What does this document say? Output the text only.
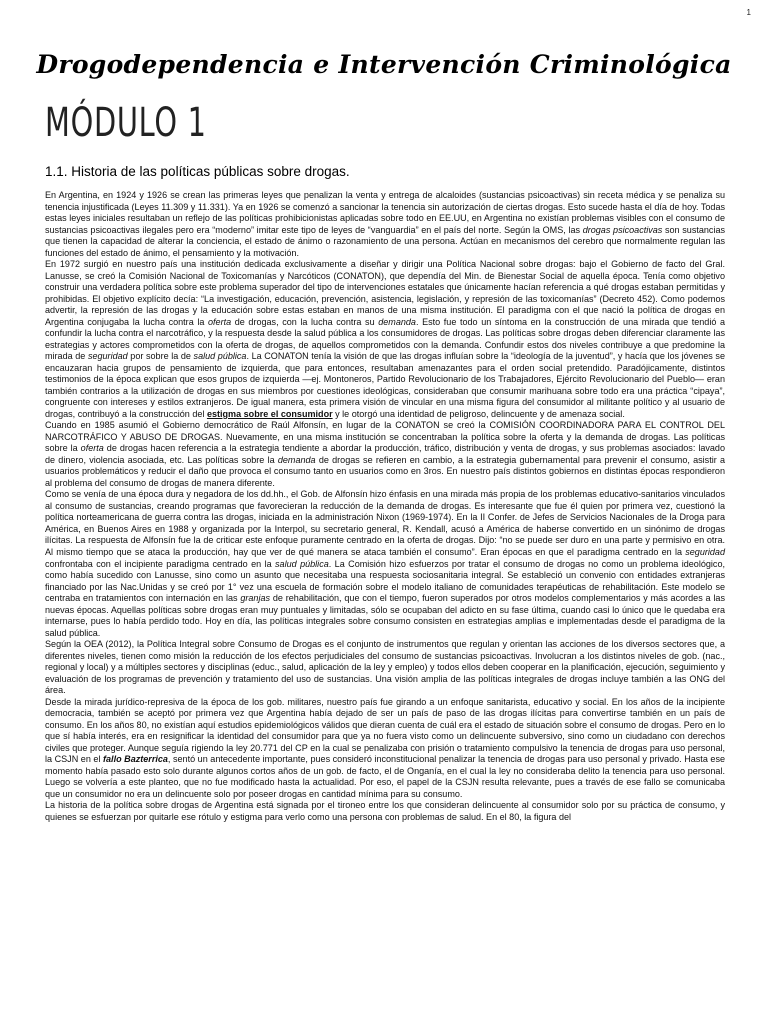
1
Drogodependencia e Intervención Criminológica
MÓDULO 1
1.1. Historia de las políticas públicas sobre drogas.

En Argentina, en 1924 y 1926 se crean las primeras leyes que penalizan la venta y entrega de alcaloides (sustancias psicoactivas) sin receta médica y se penaliza su tenencia injustificada (Leyes 11.309 y 11.331). Ya en 1926 se comenzó a sancionar la tenencia sin autorización de ciertas drogas. Esto sucede hasta el día de hoy. Todas estas leyes iniciales resultaban un reflejo de las políticas prohibicionistas aplicadas sobre todo en EE.UU, en Argentina no existían problemas visibles con el consumo de sustancias psicoactivas ilegales pero era “moderno” imitar este tipo de leyes de “vanguardia” en el país del norte. Según la OMS, las drogas psicoactivas son sustancias que tienen la capacidad de alterar la conciencia, el estado de ánimo o razonamiento de una persona. Actúan en mecanismos del cerebro que normalmente regulan las funciones del estado de ánimo, el pensamiento y la motivación.

En 1972 surgió en nuestro país una institución dedicada exclusivamente a diseñar y dirigir una Política Nacional sobre drogas: bajo el Gobierno de facto del Gral. Lanusse, se creó la Comisión Nacional de Toxicomanías y Narcóticos (CONATON), que dependía del Min. de Bienestar Social de aquella época. Tenía como objetivo construir una verdadera política sobre este problema superador del tipo de intervenciones estatales que únicamente hacían referencia a qué drogas estaban permitidas y prohibidas. El objetivo explícito decía: “La investigación, educación, prevención, asistencia, legislación, y represión de las toxicomanías” (Decreto 452). Como podemos advertir, la represión de las drogas y la educación sobre estas estaban en manos de una misma institución. El paradigma con el que nació la política de drogas en Argentina conjugaba la lucha contra la oferta de drogas, con la lucha contra su demanda. Esto fue todo un síntoma en la construcción de una mirada que tendió a confundir la lucha contra el narcotráfico, y la respuesta desde la salud pública a los consumidores de drogas. Las políticas sobre drogas deben diferenciar claramente las estrategias y actores comprometidos con la oferta de drogas, de aquellos comprometidos con la demanda. Confundir estos dos niveles contribuye a que predomine la mirada de seguridad por sobre la de salud pública. La CONATON tenía la visión de que las drogas influían sobre la “ideología de la juventud”, y hacía que los jóvenes se encauzaran hacia grupos de pensamiento de izquierda, que para entonces, resultaban amenazantes para el orden social pretendido. Paradójicamente, distintos testimonios de la época explican que esos grupos de izquierda —ej. Montoneros, Partido Revolucionario de los Trabajadores, Ejército Revolucionario del Pueblo— eran también contrarios a la utilización de drogas en sus miembros por cuestiones ideológicas, consideraban que consumir marihuana sobre todo era una práctica “cipaya”, congruente con intereses y estilos extranjeros. De igual manera, esta primera visión de vincular en una misma figura del consumidor al militante político y al usuario de drogas, contribuyó a la construcción del estigma sobre el consumidor y le otorgó una identidad de peligroso, delincuente y de amenaza social.

Cuando en 1985 asumió el Gobierno democrático de Raúl Alfonsín, en lugar de la CONATON se creó la COMISIÓN COORDINADORA PARA EL CONTROL DEL NARCOTRÁFICO Y ABUSO DE DROGAS. Nuevamente, en una misma institución se concentraban la política sobre la oferta y la demanda de drogas. Las políticas sobre la oferta de drogas hacen referencia a la estrategia tendiente a abordar la producción, tráfico, distribución y venta de drogas, y sus problemas asociados: lavado de dinero, violencia asociada, etc. Las políticas sobre la demanda de drogas se refieren en cambio, a la estrategia gubernamental para prevenir el consumo, asistir a usuarios problemáticos y reducir el daño que provoca el consumo tanto en usuarios como en 3ros. En nuestro país distintos gobiernos en distintas épocas respondieron al problema del consumo de drogas de manera diferente.

Como se venía de una época dura y negadora de los dd.hh., el Gob. de Alfonsín hizo énfasis en una mirada más propia de los problemas educativo-sanitarios vinculados al consumo de sustancias, creando programas que favorecieran la reducción de la demanda de drogas. Es interesante que fue él quien por primera vez, cuestionó la política norteamericana de guerra contra las drogas, iniciada en la administración Nixon (1969-1974). En la II Confer. de Jefes de Servicios Nacionales de la Droga para América, en Buenos Aires en 1988 y organizada por la Interpol, su secretario general, R. Kendall, acusó a América de haberse convertido en un sinónimo de drogas ilícitas. La respuesta de Alfonsín fue la de criticar este enfoque puramente centrado en la oferta de drogas. Dijo: “no se puede ser duro en una parte y permisivo en otra. Al mismo tiempo que se ataca la producción, hay que ver de qué manera se ataca también el consumo”. Eran épocas en que el paradigma centrado en la seguridad confrontaba con el incipiente paradigma centrado en la salud pública. La Comisión hizo esfuerzos por tratar el consumo de drogas no como un problema ideológico, como había sucedido con Lanusse, sino como un asunto que necesitaba una respuesta sociosanitaria integral. Se estableció un convenio con entidades extranjeras financiado por las Nac.Unidas y se creó por 1° vez una escuela de formación sobre el modelo italiano de comunidades terapéuticas de rehabilitación. Este modelo se centraba en tratamientos con internación en las granjas de rehabilitación, que con el tiempo, fueron superados por otros modelos complementarios y más acordes a las nuevas épocas. Aquellas políticas sobre drogas eran muy puntuales y limitadas, sólo se ocupaban del adicto en su fase última, cuando casi lo único que le quedaba era internarse, pues lo había perdido todo. Hoy en día, las políticas integrales sobre consumo consisten en estrategias amplias e implementadas desde el paradigma de la salud pública.

Según la OEA (2012), la Política Integral sobre Consumo de Drogas es el conjunto de instrumentos que regulan y orientan las acciones de los diversos sectores que, a diferentes niveles, tienen como misión la reducción de los efectos perjudiciales del consumo de sustancias psicoactivas. Involucran a los distintos niveles de gob. (nac., regional y local) y a múltiples sectores y disciplinas (educ., salud, aplicación de la ley y empleo) y todos ellos deben cooperar en la planificación, ejecución, seguimiento y evaluación de los programas de prevención y tratamiento del uso de sustancias. Una visión amplia de las políticas integrales de drogas incluye también a las ONG del área.

Desde la mirada jurídico-represiva de la época de los gob. militares, nuestro país fue girando a un enfoque sanitarista, educativo y social. En los años de la incipiente democracia, también se aceptó por primera vez que Argentina había dejado de ser un país de paso de las drogas ilícitas para convertirse también en un país de consumo. En los años 80, no existían aquí estudios epidemiológicos válidos que dieran cuenta de cuál era el estado de situación sobre el consumo de drogas. Pero en lo que sí había interés, era en resignificar la identidad del consumidor para que ya no fuera visto como un delincuente subversivo, sino como un ciudadano con derechos civiles que proteger. Aunque seguía rigiendo la ley 20.771 del CP en la cual se penalizaba con prisión o tratamiento compulsivo la tenencia de drogas para uso personal, la CSJN en el fallo Bazterrica, sentó un antecedente importante, pues consideró inconstitucional penalizar la tenencia de drogas para uso personal y privado. Hasta ese momento había pasado esto solo durante algunos cortos años de un gob. de facto, el de Onganía, en el cual la ley no consideraba delito la tenencia para uso personal. Luego se volvería a este planteo, que no fue modificado hasta la actualidad. Por eso, el papel de la CSJN resulta relevante, pues a través de ese fallo se comunicaba que un consumidor no era un delincuente solo por poseer drogas en cantidad mínima para su consumo.

La historia de la política sobre drogas de Argentina está signada por el tironeo entre los que consideran delincuente al consumidor solo por su práctica de consumo, y quienes se esfuerzan por quitarle ese rótulo y estigma para verlo como una persona con problemas de salud. En el 80, la figura del
